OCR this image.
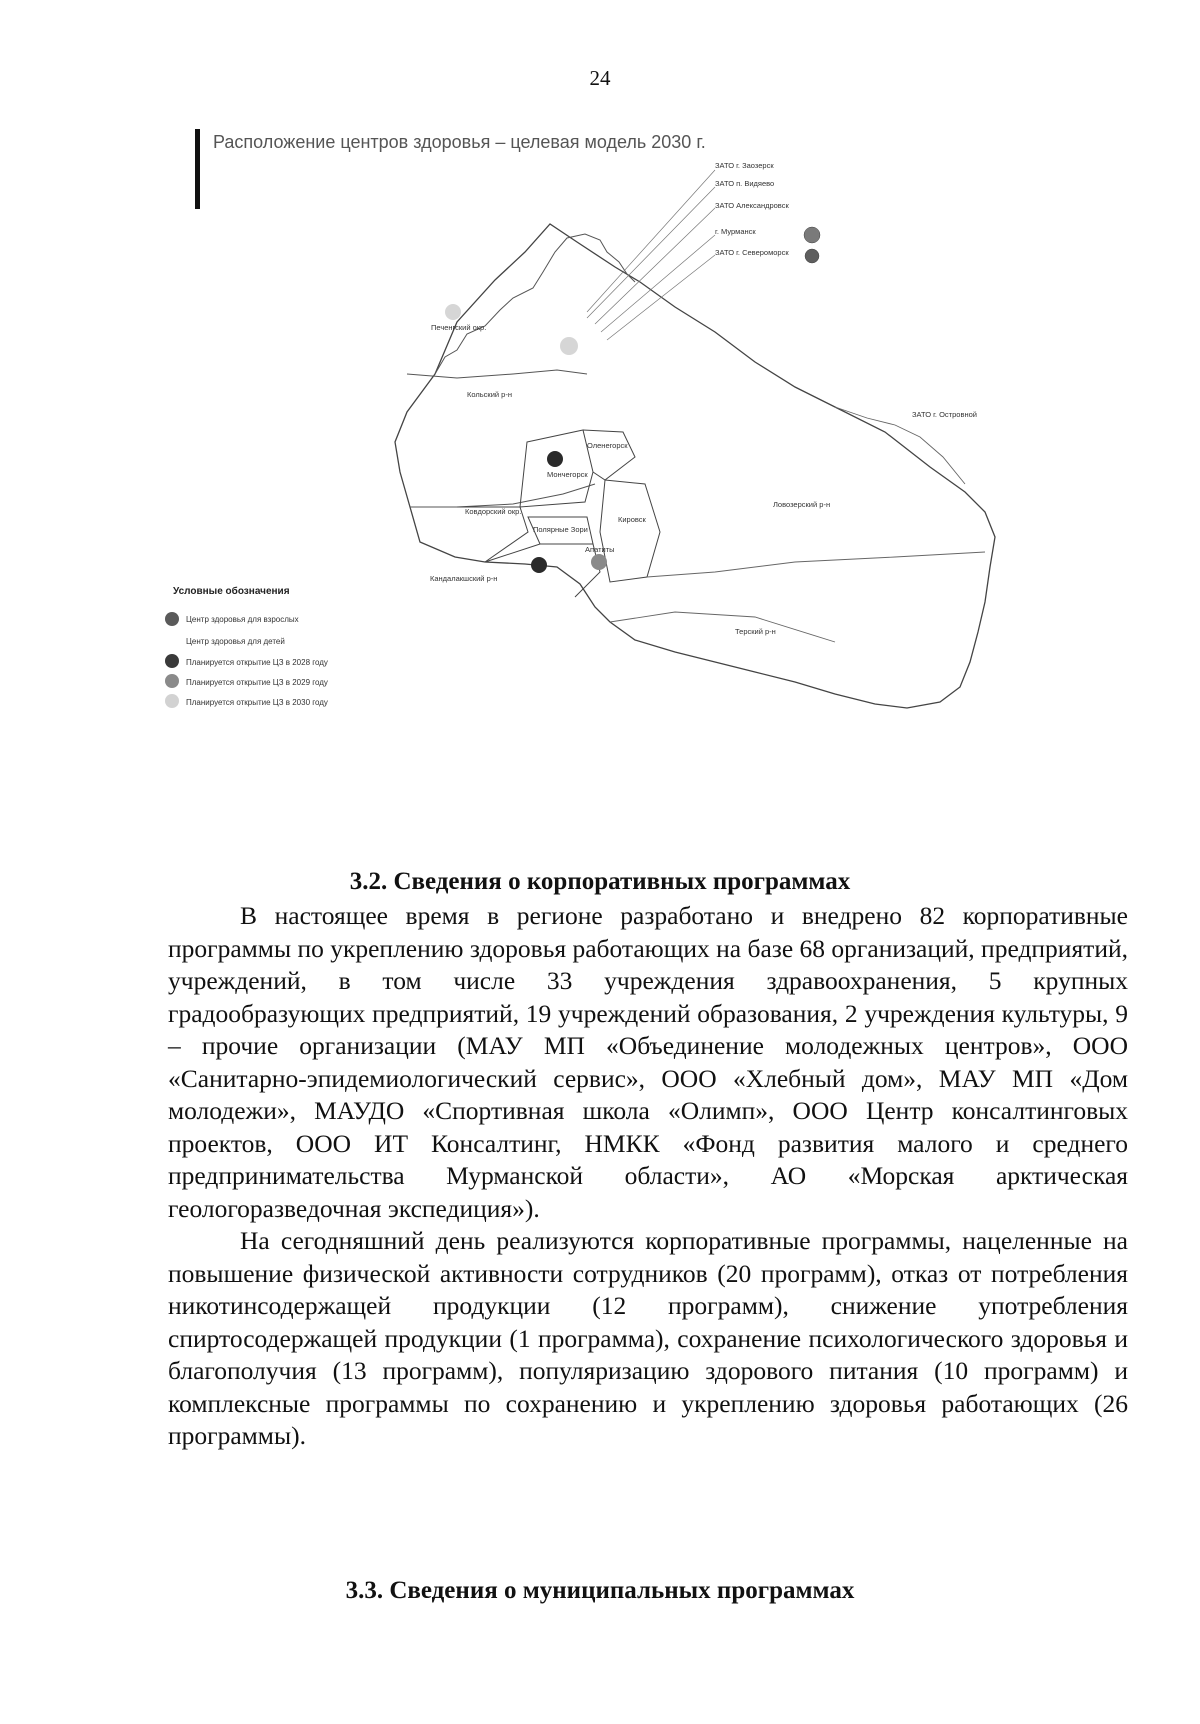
24
Расположение центров здоровья – целевая модель 2030 г.
ЗАТО г. Заозерск
ЗАТО п. Видяево
ЗАТО Александровск
г. Мурманск
ЗАТО г. Североморск
ЗАТО г. Островной
Печенгский окр.
Кольский р-н
Мончегорск
Оленегорск
Ковдорский окр.
Полярные Зори
Кировск
Апатиты
Кандалакшский р-н
Ловозерский р-н
Терский р-н
Условные обозначения
Центр здоровья для взрослых
Центр здоровья для детей
Планируется открытие ЦЗ в 2028 году
Планируется открытие ЦЗ в 2029 году
Планируется открытие ЦЗ в 2030 году
3.2. Сведения о корпоративных программах

В настоящее время в регионе разработано и внедрено 82 корпоративные программы по укреплению здоровья работающих на базе 68 организаций, предприятий, учреждений, в том числе 33 учреждения здравоохранения, 5 крупных градообразующих предприятий, 19 учреждений образования, 2 учреждения культуры, 9 – прочие организации (МАУ МП «Объединение молодежных центров», ООО «Санитарно-эпидемиологический сервис», ООО «Хлебный дом», МАУ МП «Дом молодежи», МАУДО «Спортивная школа «Олимп», ООО Центр консалтинговых проектов, ООО ИТ Консалтинг, НМКК «Фонд развития малого и среднего предпринимательства Мурманской области», АО «Морская арктическая геологоразведочная экспедиция»).

На сегодняшний день реализуются корпоративные программы, нацеленные на повышение физической активности сотрудников (20 программ), отказ от потребления никотинсодержащей продукции (12 программ), снижение употребления спиртосодержащей продукции (1 программа), сохранение психологического здоровья и благополучия (13 программ), популяризацию здорового питания (10 программ) и комплексные программы по сохранению и укреплению здоровья работающих (26 программы).

3.3. Сведения о муниципальных программах
